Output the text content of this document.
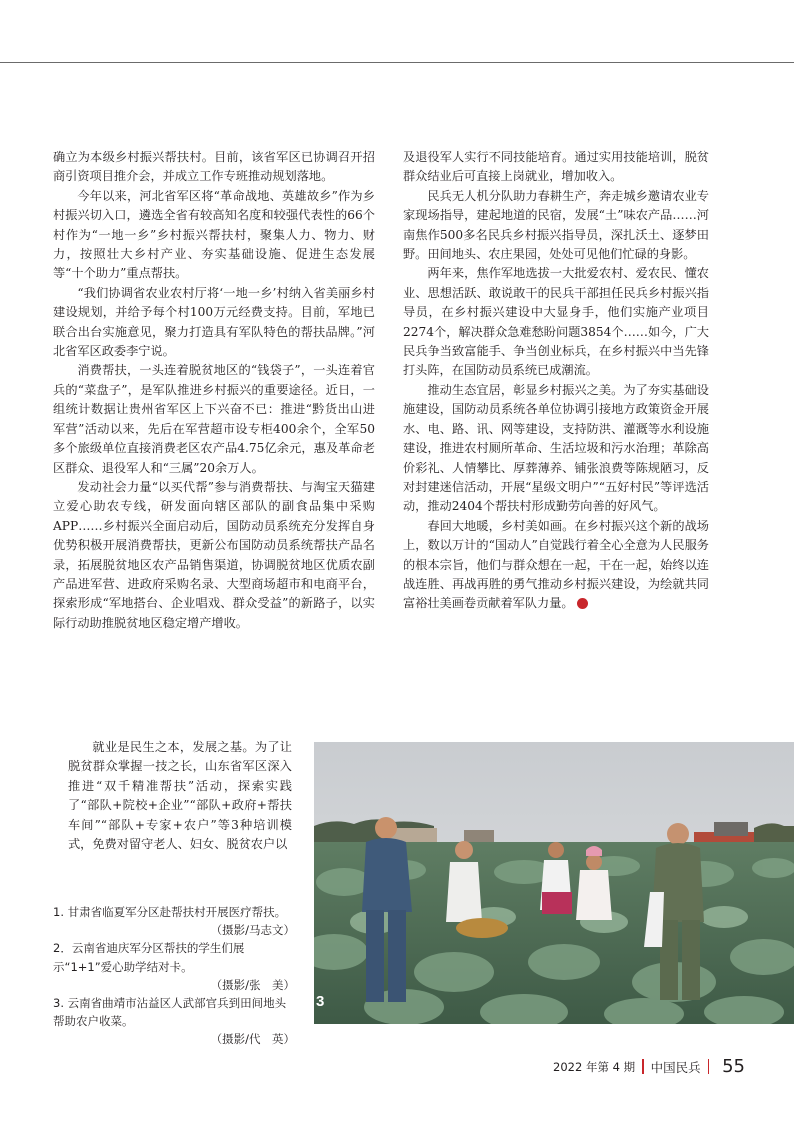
确立为本级乡村振兴帮扶村。目前，该省军区已协调召开招商引资项目推介会，并成立工作专班推动规划落地。

今年以来，河北省军区将“革命战地、英雄故乡”作为乡村振兴切入口，遴选全省有较高知名度和较强代表性的66个村作为“一地一乡”乡村振兴帮扶村，聚集人力、物力、财力，按照壮大乡村产业、夯实基础设施、促进生态发展等“十个助力”重点帮扶。

“我们协调省农业农村厅将‘一地一乡’村纳入省美丽乡村建设规划，并给予每个村100万元经费支持。目前，军地已联合出台实施意见，聚力打造具有军队特色的帮扶品牌。”河北省军区政委李宁说。

消费帮扶，一头连着脱贫地区的“钱袋子”，一头连着官兵的“菜盘子”，是军队推进乡村振兴的重要途径。近日，一组统计数据让贵州省军区上下兴奋不已：推进“黔货出山进军营”活动以来，先后在军营超市设专柜400余个，全军50多个旅级单位直接消费老区农产品4.75亿余元，惠及革命老区群众、退役军人和“三属”20余万人。

发动社会力量“以买代帮”参与消费帮扶、与淘宝天猫建立爱心助农专线，研发面向辖区部队的副食品集中采购APP……乡村振兴全面启动后，国防动员系统充分发挥自身优势积极开展消费帮扶，更新公布国防动员系统帮扶产品名录，拓展脱贫地区农产品销售渠道，协调脱贫地区优质农副产品进军营、进政府采购名录、大型商场超市和电商平台，探索形成“军地搭台、企业唱戏、群众受益”的新路子，以实际行动助推脱贫地区稳定增产增收。

就业是民生之本，发展之基。为了让脱贫群众掌握一技之长，山东省军区深入推进“双千精准帮扶”活动，探索实践了“部队+院校+企业”“部队+政府+帮扶车间”“部队+专家+农户”等3种培训模式，免费对留守老人、妇女、脱贫农户以

及退役军人实行不同技能培育。通过实用技能培训，脱贫群众结业后可直接上岗就业，增加收入。

民兵无人机分队助力春耕生产，奔走城乡邀请农业专家现场指导，建起地道的民宿，发展“土”味农产品……河南焦作500多名民兵乡村振兴指导员，深扎沃土、逐梦田野。田间地头、农庄果园，处处可见他们忙碌的身影。

两年来，焦作军地选拔一大批爱农村、爱农民、懂农业、思想活跃、敢说敢干的民兵干部担任民兵乡村振兴指导员，在乡村振兴建设中大显身手，他们实施产业项目2274个，解决群众急难愁盼问题3854个……如今，广大民兵争当致富能手、争当创业标兵，在乡村振兴中当先锋打头阵，在国防动员系统已成潮流。

推动生态宜居，彰显乡村振兴之美。为了夯实基础设施建设，国防动员系统各单位协调引接地方政策资金开展水、电、路、讯、网等建设，支持防洪、灌溉等水利设施建设，推进农村厕所革命、生活垃圾和污水治理；革除高价彩礼、人情攀比、厚葬薄养、铺张浪费等陈规陋习，反对封建迷信活动，开展“星级文明户”“五好村民”等评选活动，推动2404个帮扶村形成勤劳向善的好风气。

春回大地暖，乡村美如画。在乡村振兴这个新的战场上，数以万计的“国动人”自觉践行着全心全意为人民服务的根本宗旨，他们与群众想在一起，干在一起，始终以连战连胜、再战再胜的勇气推动乡村振兴建设，为绘就共同富裕壮美画卷贡献着军队力量。	M

3
1. 甘肃省临夏军分区赴帮扶村开展医疗帮扶。
（摄影/马志文）
2．云南省迪庆军分区帮扶的学生们展示“1+1”爱心助学结对卡。
（摄影/张　美）
3. 云南省曲靖市沾益区人武部官兵到田间地头帮助农户收菜。
（摄影/代　英）
2022 年第 4 期 中国民兵 55
